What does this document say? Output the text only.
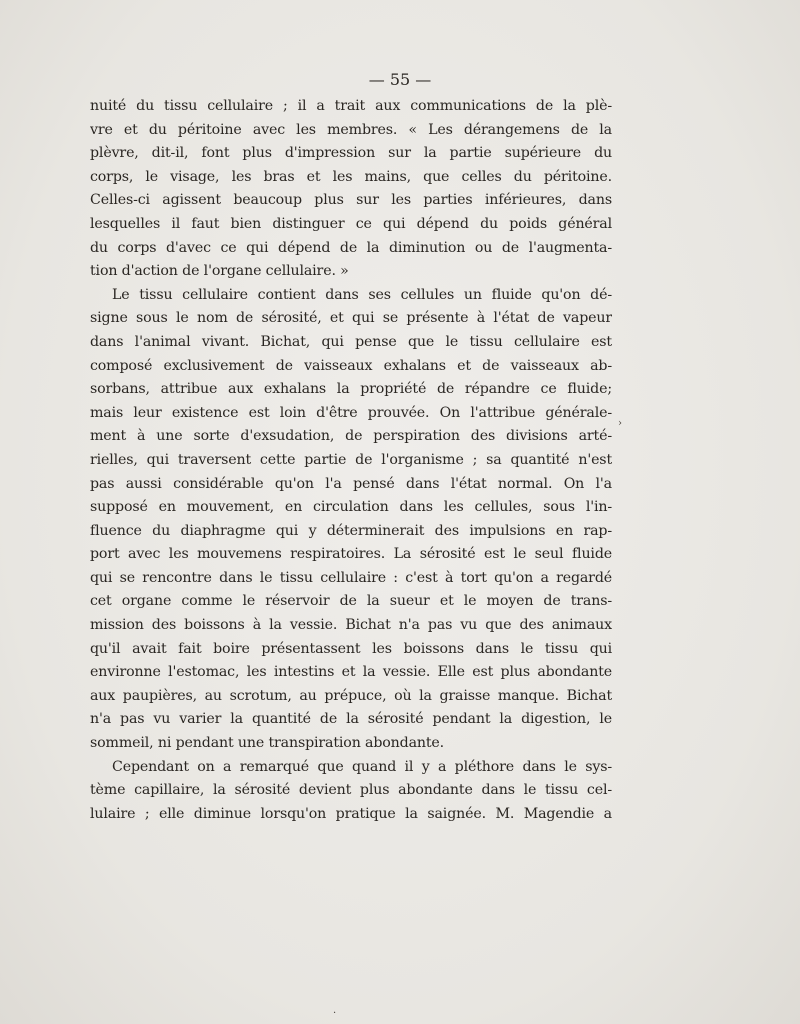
— 55 —
nuité du tissu cellulaire ; il a trait aux communications de la plè-
vre et du péritoine avec les membres. « Les dérangemens de la
plèvre, dit-il, font plus d'impression sur la partie supérieure du
corps, le visage, les bras et les mains, que celles du péritoine.
Celles-ci agissent beaucoup plus sur les parties inférieures, dans
lesquelles il faut bien distinguer ce qui dépend du poids général
du corps d'avec ce qui dépend de la diminution ou de l'augmenta-
tion d'action de l'organe cellulaire. »
Le tissu cellulaire contient dans ses cellules un fluide qu'on dé-
signe sous le nom de sérosité, et qui se présente à l'état de vapeur
dans l'animal vivant. Bichat, qui pense que le tissu cellulaire est
composé exclusivement de vaisseaux exhalans et de vaisseaux ab-
sorbans, attribue aux exhalans la propriété de répandre ce fluide;
mais leur existence est loin d'être prouvée. On l'attribue générale-
ment à une sorte d'exsudation, de perspiration des divisions arté-
rielles, qui traversent cette partie de l'organisme ; sa quantité n'est
pas aussi considérable qu'on l'a pensé dans l'état normal. On l'a
supposé en mouvement, en circulation dans les cellules, sous l'in-
fluence du diaphragme qui y déterminerait des impulsions en rap-
port avec les mouvemens respiratoires. La sérosité est le seul fluide
qui se rencontre dans le tissu cellulaire : c'est à tort qu'on a regardé
cet organe comme le réservoir de la sueur et le moyen de trans-
mission des boissons à la vessie. Bichat n'a pas vu que des animaux
qu'il avait fait boire présentassent les boissons dans le tissu qui
environne l'estomac, les intestins et la vessie. Elle est plus abondante
aux paupières, au scrotum, au prépuce, où la graisse manque. Bichat
n'a pas vu varier la quantité de la sérosité pendant la digestion, le
sommeil, ni pendant une transpiration abondante.
Cependant on a remarqué que quand il y a pléthore dans le sys-
tème capillaire, la sérosité devient plus abondante dans le tissu cel-
lulaire ; elle diminue lorsqu'on pratique la saignée. M. Magendie a
›
·
